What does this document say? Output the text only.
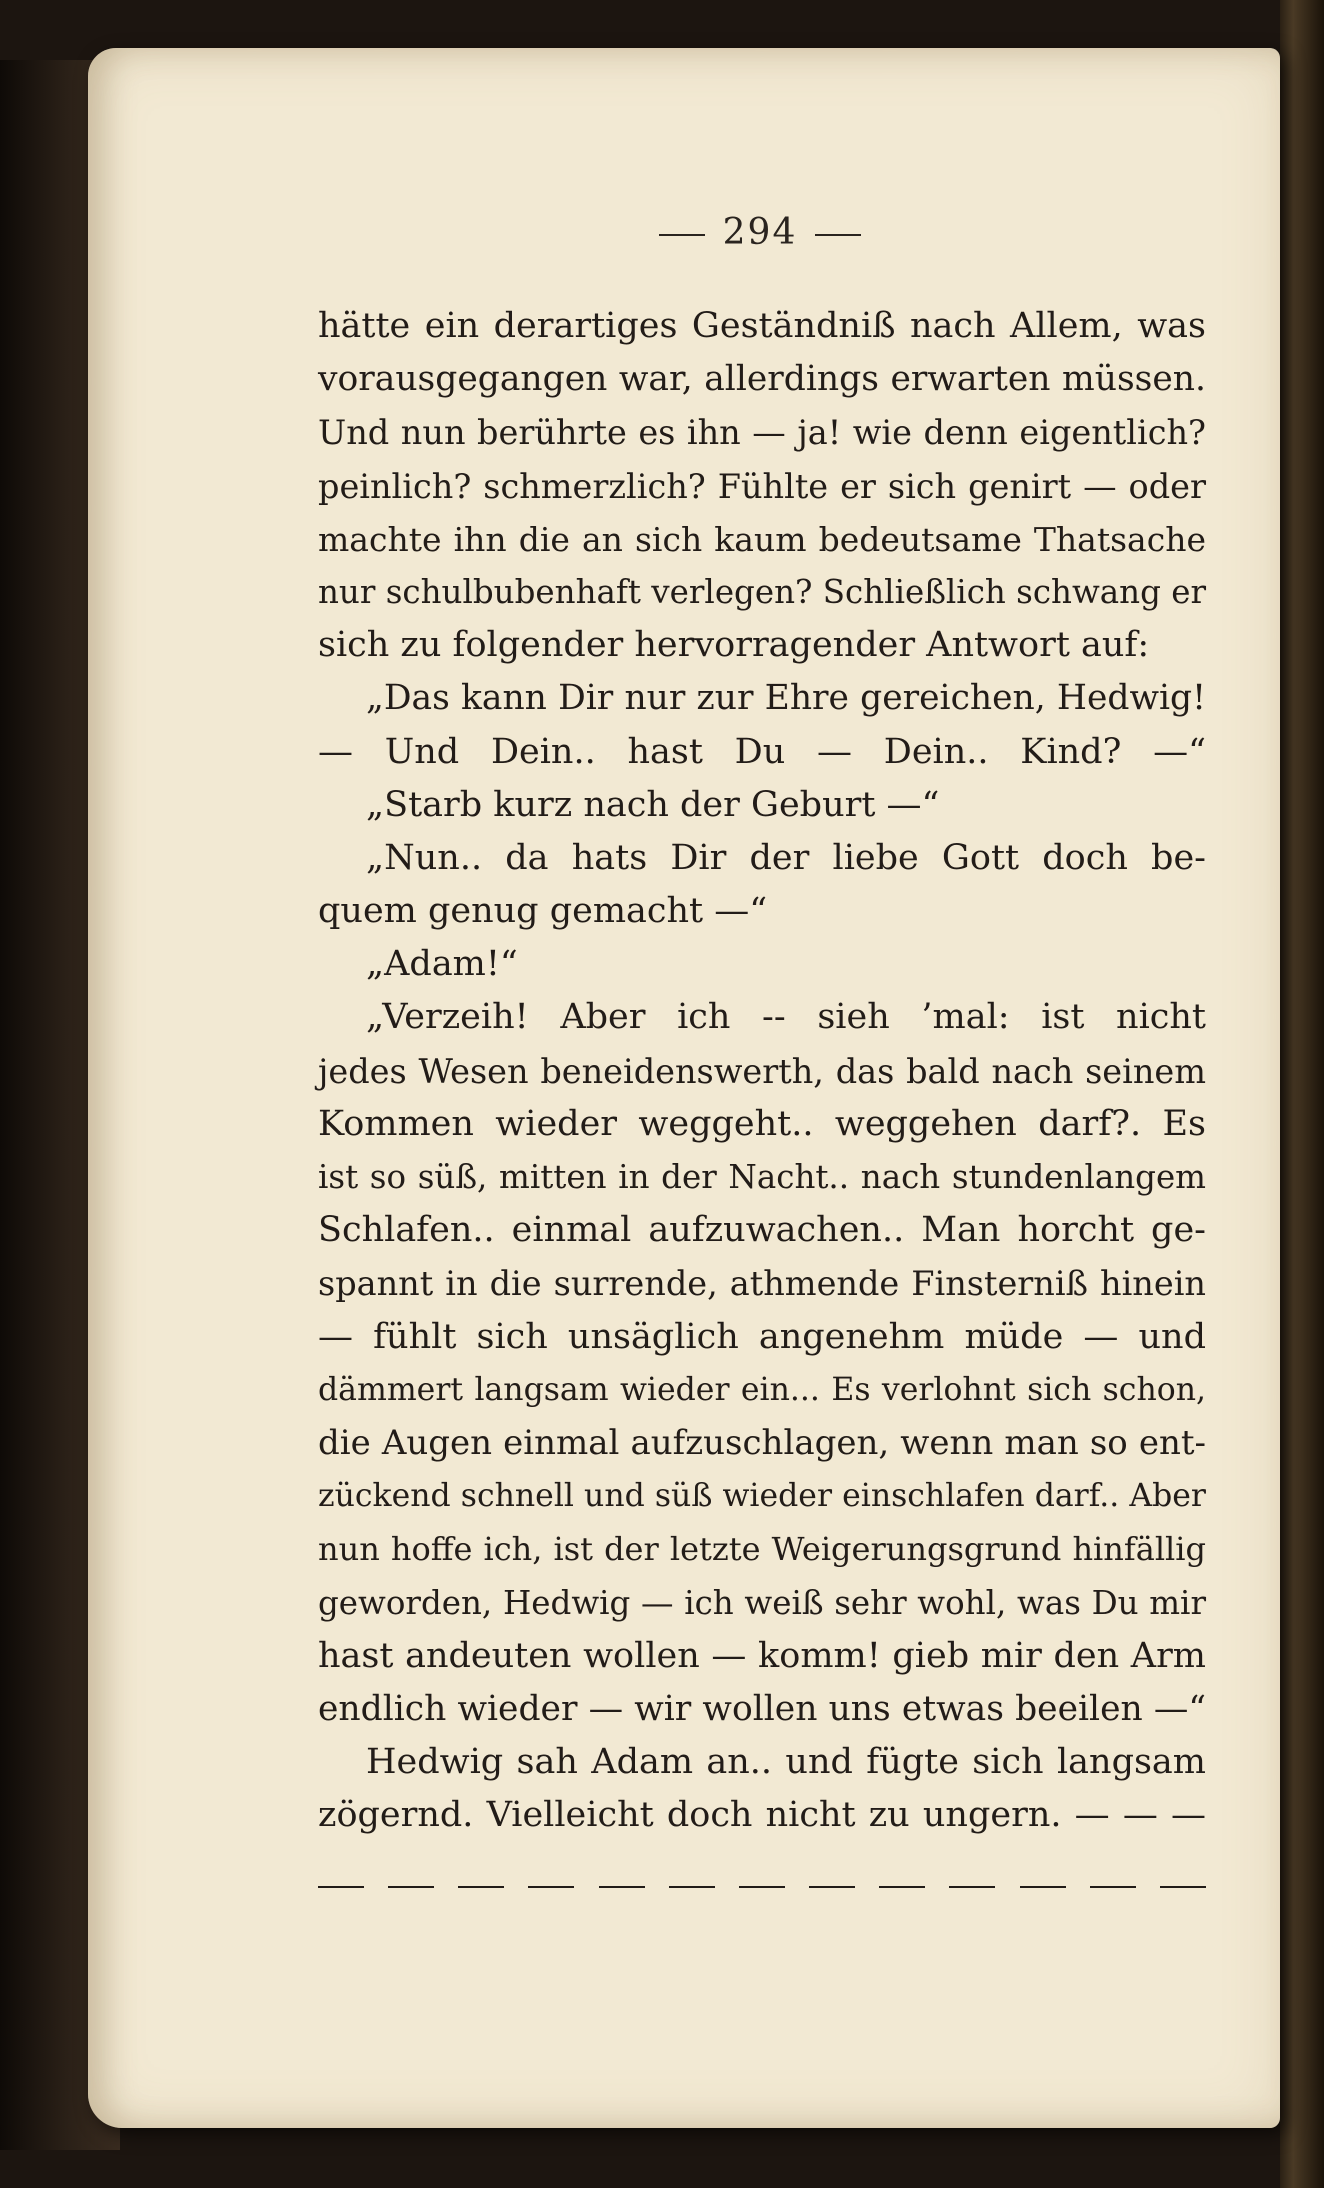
294
hätte ein derartiges Geständniß nach Allem, was
vorausgegangen war, allerdings erwarten müssen.
Und nun berührte es ihn — ja! wie denn eigentlich?
peinlich? schmerzlich? Fühlte er sich genirt — oder
machte ihn die an sich kaum bedeutsame Thatsache
nur schulbubenhaft verlegen? Schließlich schwang er
sich zu folgender hervorragender Antwort auf:
„Das kann Dir nur zur Ehre gereichen, Hedwig!
— Und Dein.. hast Du — Dein.. Kind? —“
„Starb kurz nach der Geburt —“
„Nun.. da hats Dir der liebe Gott doch be-
quem genug gemacht —“
„Adam!“
„Verzeih! Aber ich -- sieh ’mal: ist nicht
jedes Wesen beneidenswerth, das bald nach seinem
Kommen wieder weggeht.. weggehen darf?. Es
ist so süß, mitten in der Nacht.. nach stundenlangem
Schlafen.. einmal aufzuwachen.. Man horcht ge-
spannt in die surrende, athmende Finsterniß hinein
— fühlt sich unsäglich angenehm müde — und
dämmert langsam wieder ein... Es verlohnt sich schon,
die Augen einmal aufzuschlagen, wenn man so ent-
zückend schnell und süß wieder einschlafen darf.. Aber
nun hoffe ich, ist der letzte Weigerungsgrund hinfällig
geworden, Hedwig — ich weiß sehr wohl, was Du mir
hast andeuten wollen — komm! gieb mir den Arm
endlich wieder — wir wollen uns etwas beeilen —“
Hedwig sah Adam an.. und fügte sich langsam
zögernd. Vielleicht doch nicht zu ungern. — — —
